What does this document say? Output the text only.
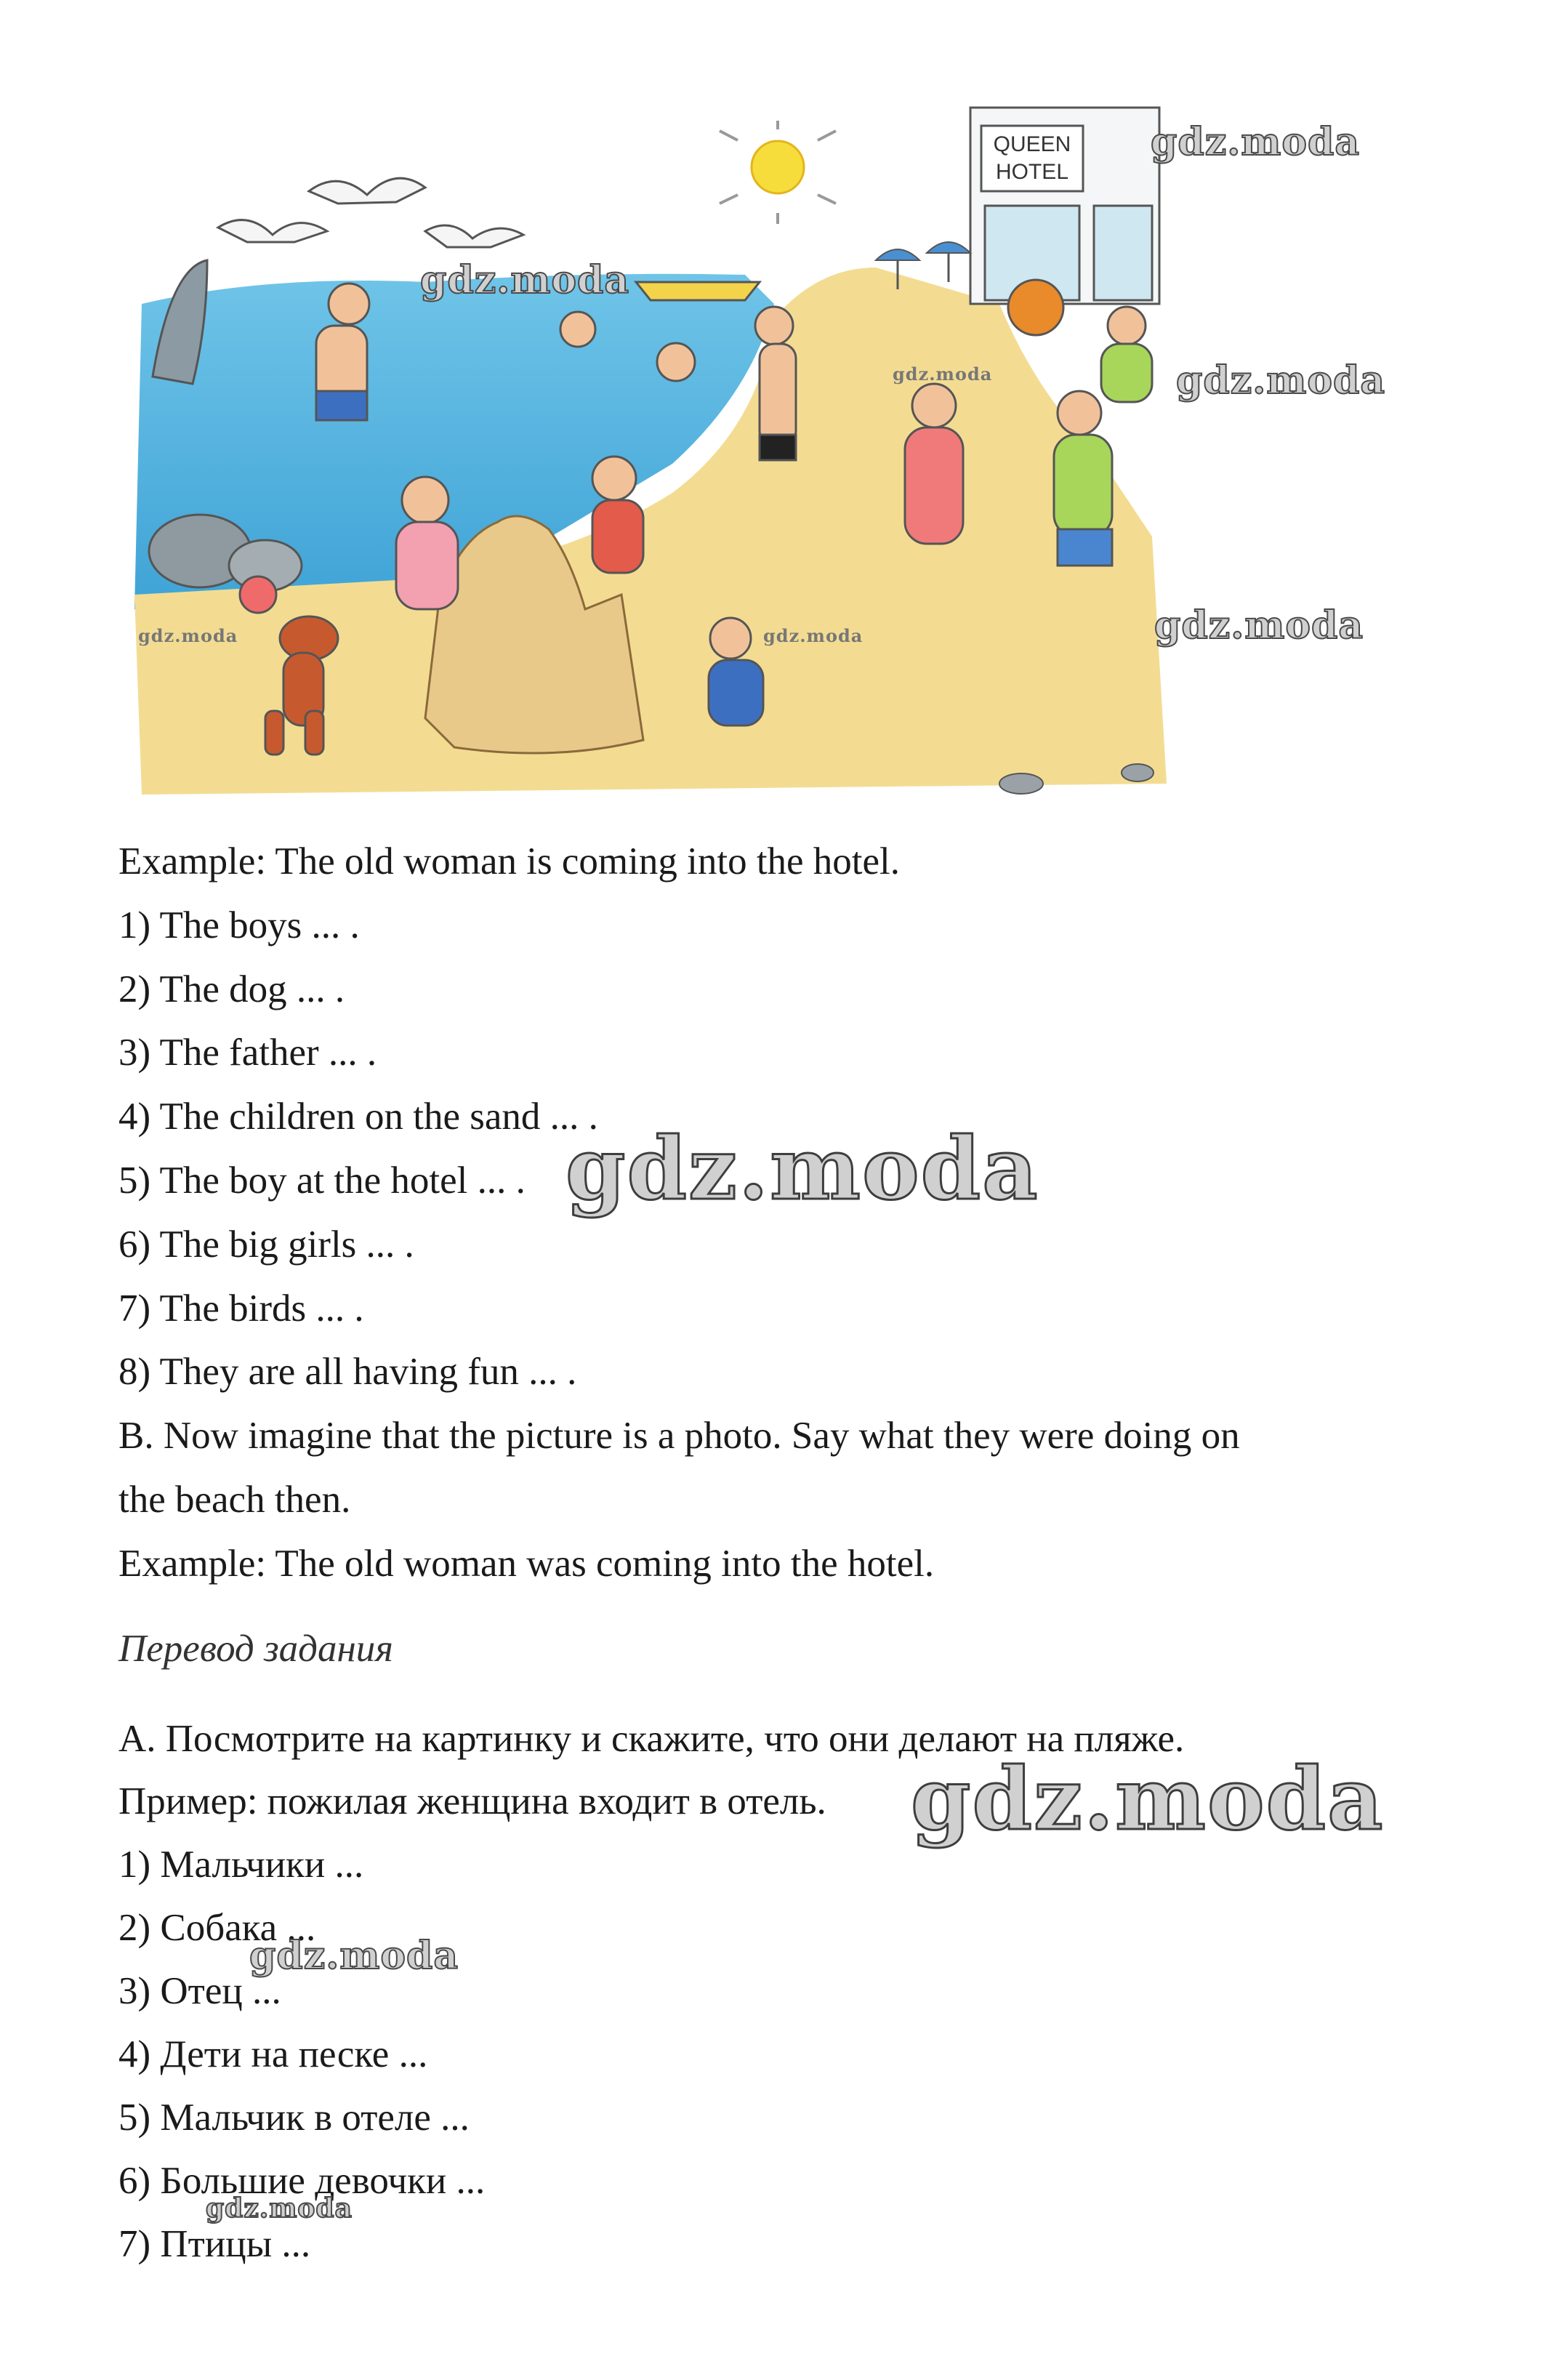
QUEEN
HOTEL
gdz.moda
gdz.moda
gdz.moda
gdz.moda
gdz.moda
gdz.moda	gdz.moda
Example: The old woman is coming into the hotel.
1) The boys ... .
2) The dog ... .
3) The father ... .
4) The children on the sand ... .
5) The boy at the hotel ... .
6) The big girls ... .
7) The birds ... .
8) They are all having fun ... .
B. Now imagine that the picture is a photo. Say what they were doing on
the beach then.
Example: The old woman was coming into the hotel.
Перевод задания
А. Посмотрите на картинку и скажите, что они делают на пляже.
Пример: пожилая женщина входит в отель.
1) Мальчики ...
2) Собака ...
3) Отец ...
4) Дети на песке ...
5) Мальчик в отеле ...
6) Большие девочки ...
7) Птицы ...
gdz.moda
gdz.moda
gdz.moda
gdz.moda
